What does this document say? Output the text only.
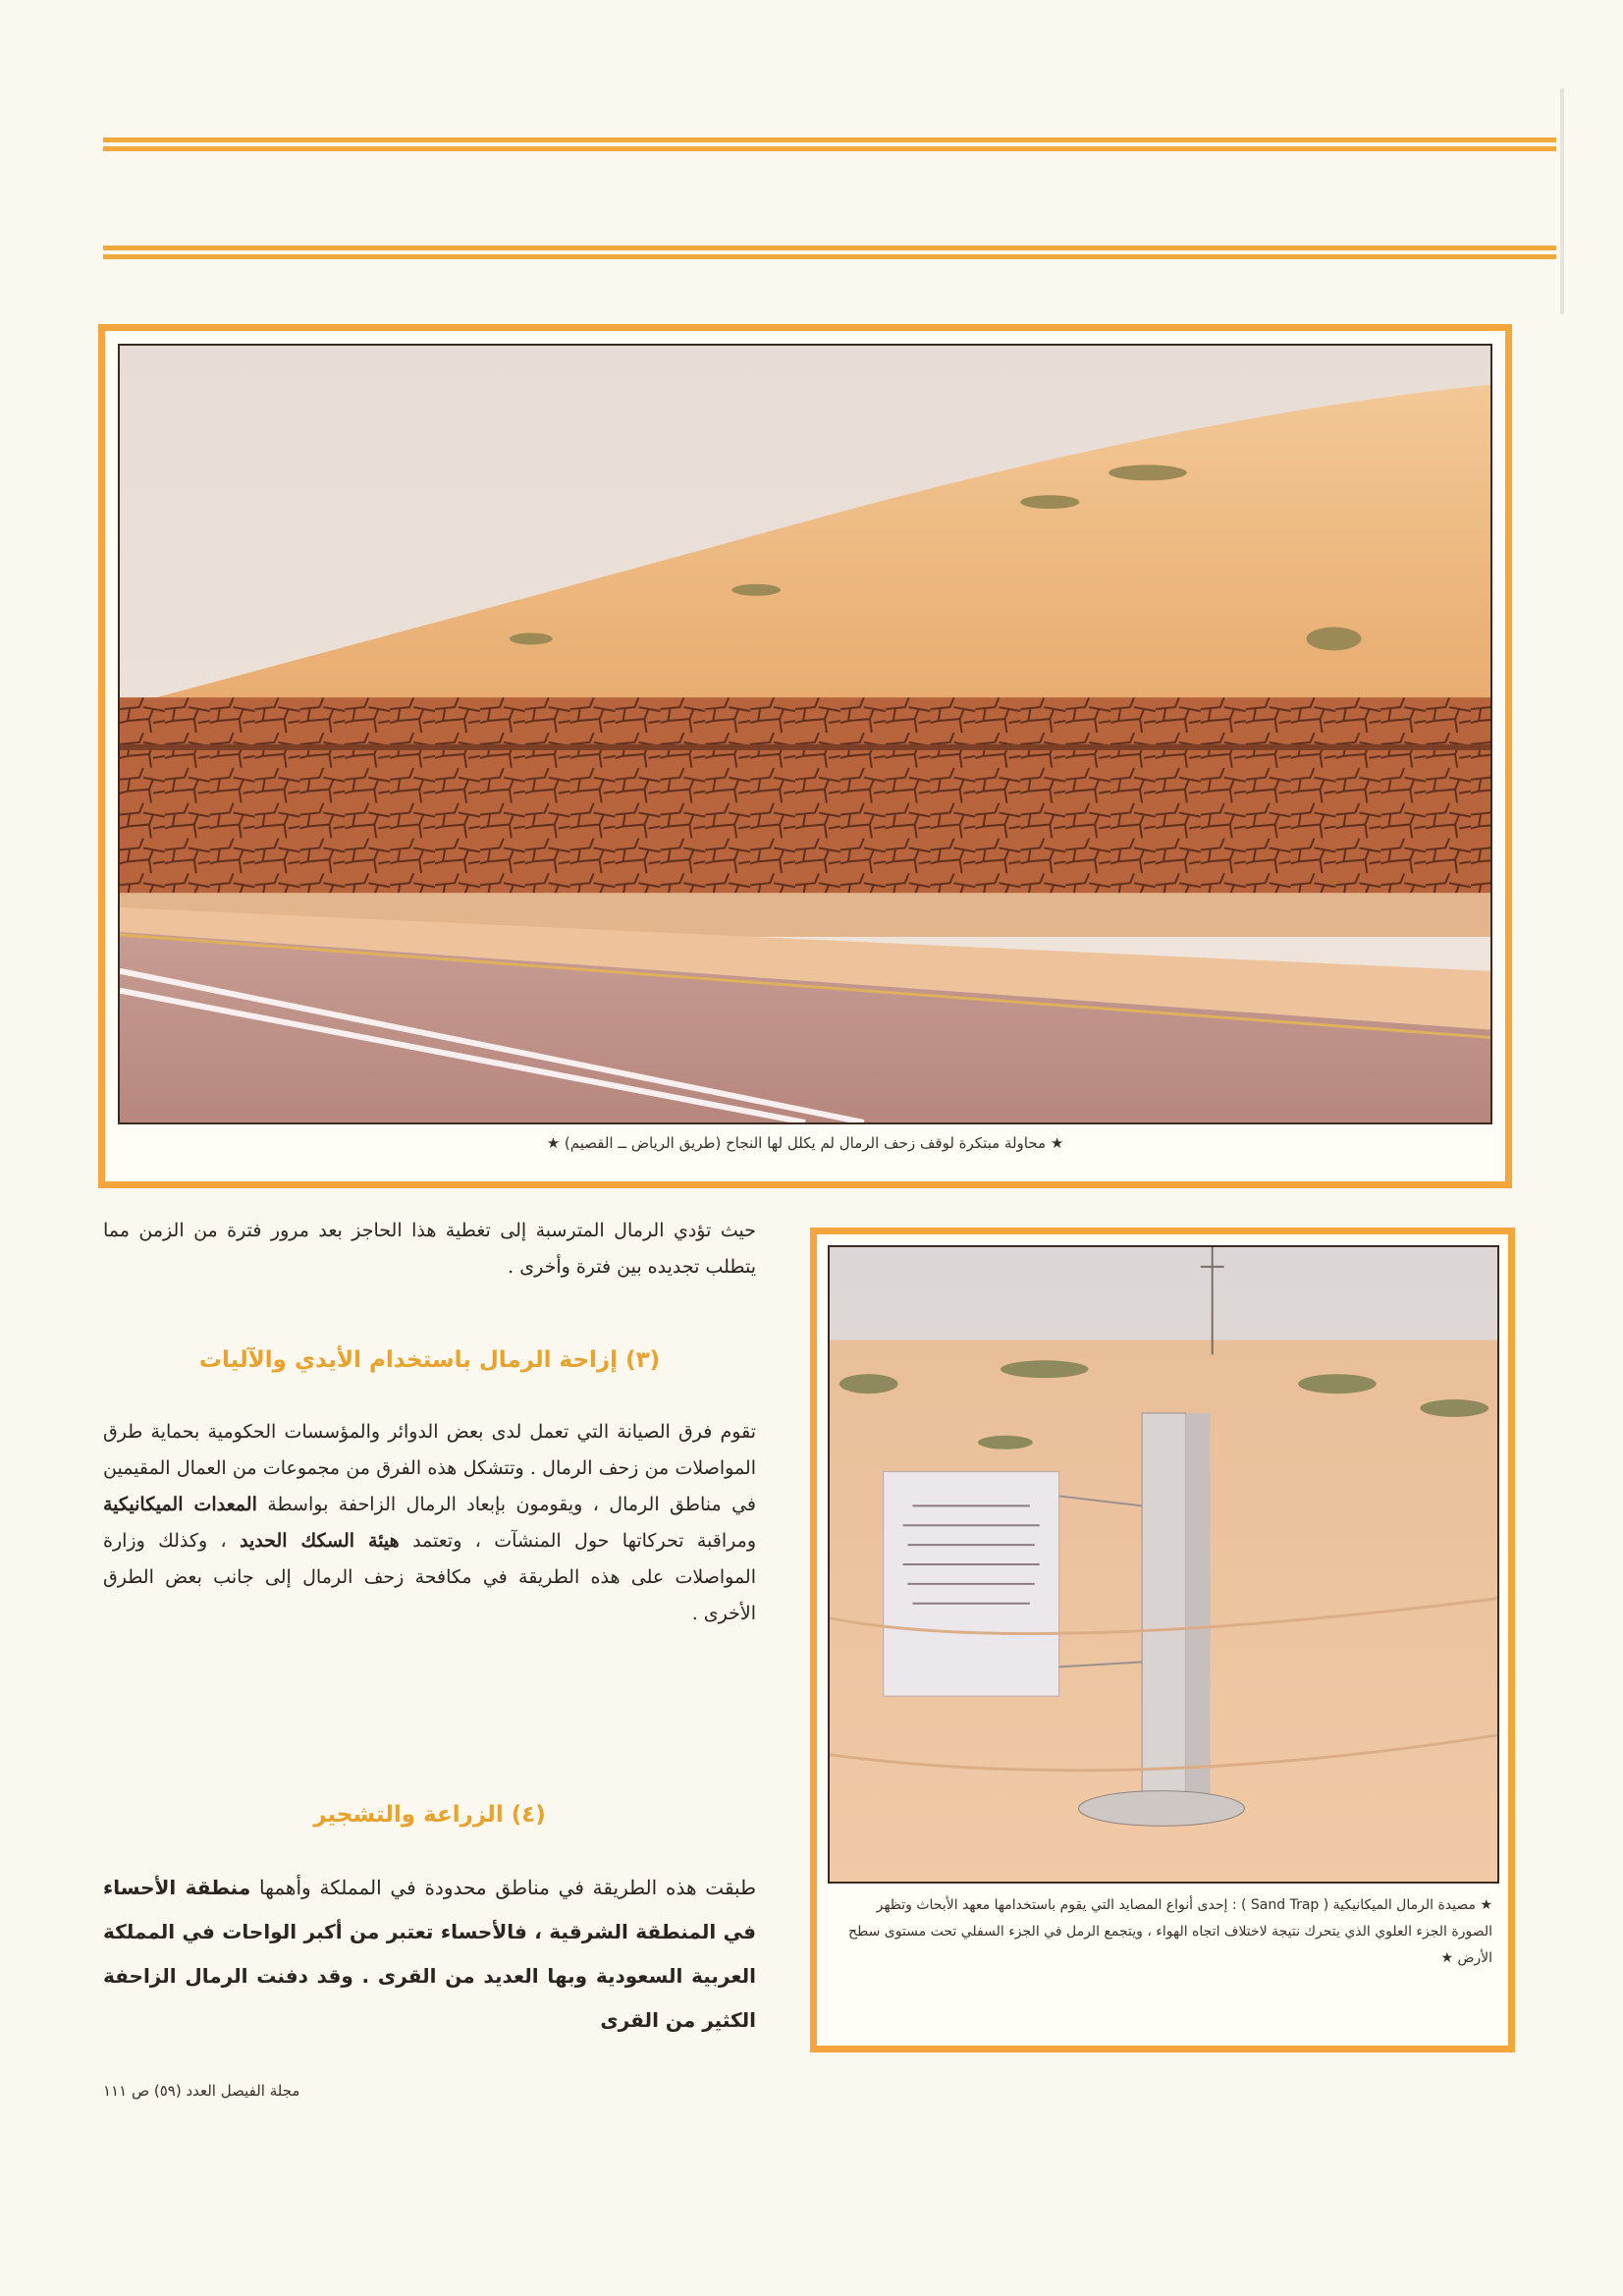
★ محاولة مبتكرة لوقف زحف الرمال لم يكلل لها النجاح (طريق الرياض ــ القصيم) ★
★ مصيدة الرمال الميكانيكية ( Sand Trap ) : إحدى أنواع المصايد التي يقوم باستخدامها معهد الأبحاث وتظهر الصورة الجزء العلوي الذي يتحرك نتيجة لاختلاف اتجاه الهواء ، ويتجمع الرمل في الجزء السفلي تحت مستوى سطح الأرض ★

حيث تؤدي الرمال المترسبة إلى تغطية هذا الحاجز بعد مرور فترة من الزمن مما يتطلب تجديده بين فترة وأخرى .

(٣) إزاحة الرمال باستخدام الأيدي والآليات

تقوم فرق الصيانة التي تعمل لدى بعض الدوائر والمؤسسات الحكومية بحماية طرق المواصلات من زحف الرمال . وتتشكل هذه الفرق من مجموعات من العمال المقيمين في مناطق الرمال ، ويقومون بإبعاد الرمال الزاحفة بواسطة المعدات الميكانيكية ومراقبة تحركاتها حول المنشآت ، وتعتمد هيئة السكك الحديد ، وكذلك وزارة المواصلات على هذه الطريقة في مكافحة زحف الرمال إلى جانب بعض الطرق الأخرى .

(٤) الزراعة والتشجير

طبقت هذه الطريقة في مناطق محدودة في المملكة وأهمها منطقة الأحساء في المنطقة الشرقية ، فالأحساء تعتبر من أكبر الواحات في المملكة العربية السعودية وبها العديد من القرى . وقد دفنت الرمال الزاحفة الكثير من القرى

مجلة الفيصل العدد (٥٩) ص ١١١
